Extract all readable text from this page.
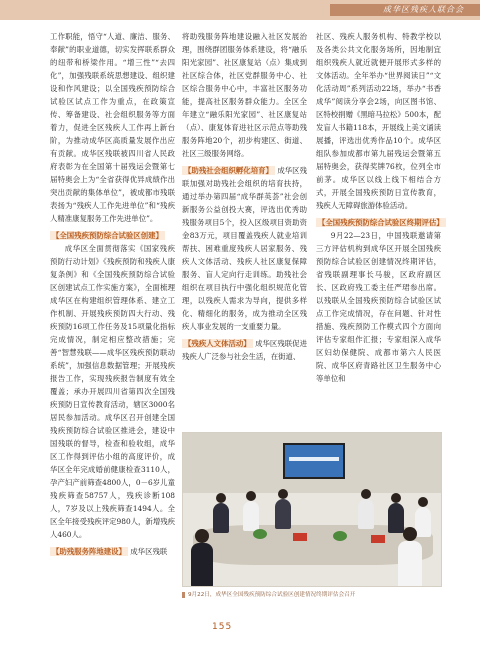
成华区残疾人联合会

工作职能，悟守“人道、廉洁、服务、奉献”的职业道德，切实发挥联系群众的纽带和桥梁作用。“增三性”“去四化”，加强残联系统思想建设、组织建设和作风建设；以全国残疾预防综合试验区试点工作为重点，在政策宣传、筹备建设、社会组织服务等方面着力，促进全区残疾人工作再上新台阶，为推动成华区高质量发展作出应有贡献。成华区残联被四川省人民政府表彰为在全国第十届残运会暨第七届特奥会上为“全省获得优异成绩作出突出贡献的集体单位”，被成都市残联表扬为“残疾人工作先进单位”和“残疾人精准康复服务工作先进单位”。

【全国残疾预防综合试验区创建】

成华区全面贯彻落实《国家残疾预防行动计划》《残疾预防和残疾人康复条例》和《全国残疾预防综合试验区创建试点工作实施方案》，全面梳理成华区在构建组织管理体系、建立工作机制、开展残疾预防四大行动、残疾预防16项工作任务及15项量化指标完成情况，制定相应整改措施；完善“智慧残联——成华区残疾预防联动系统”，加强信息数据管理；开展残疾报告工作，实现残疾报告制度有效全覆盖；承办开展四川省第四次全国残疾预防日宣传教育活动，辖区3000名居民参加活动。成华区召开创建全国残疾预防综合试验区推进会，建设中国残联的督导，检查和验收组，成华区工作得到评估小组的高度评价，成华区全年完成婚前健康检查3110人，孕产妇产前筛查4800人，0－6岁儿童残疾筛查58757人，残疾诊断108人，7岁及以上残疾筛查1494人。全区全年接受残疾评定980人，新增残疾人460人。

【助残服务阵地建设】 成华区残联

将助残服务阵地建设融入社区发展治理，围绕群团服务体系建设，将“融乐阳光家园”、社区康复站（点）集成到社区综合体，社区党群服务中心、社区综合服务中心中，丰富社区服务功能，提高社区服务群众能力。全区全年建立“融乐阳光家园”、社区康复站（点）、康复体育进社区示范点等助残服务阵地20个，初步构建区、街道、社区三级服务网络。

【助残社会组织孵化培育】 成华区残联加强对助残社会组织的培育扶持，通过举办第四届“成华群英荟”社会创新服务公益创投大赛，评选出优秀助残服务项目5个，投入区级项目资助资金83万元，项目覆盖残疾人就业培训帮扶、困难重度残疾人居家服务、残疾人文体活动、残疾人社区康复保障服务、盲人定向行走训练。助残社会组织在项目执行中强化组织规范化管理，以残疾人需求为导向，提供多样化、精细化的服务，成为推动全区残疾人事业发展的一支重要力量。
【残疾人文体活动】 成华区残联促进残疾人广泛参与社会生活，在街道、

社区、残疾人服务机构、特教学校以及各类公共文化服务场所，因地制宜组织残疾人就近就便开展形式多样的文体活动。全年举办“世界阅读日”“文化活动周”系列活动22场，举办“书香成华”阅读分享会2场，向区图书馆、区特校捐赠《黑暗马拉松》500本，配发盲人书籍118本，开展线上美文诵读展播，评选出优秀作品10个。成华区组队参加成都市第九届残运会暨第五届特奥会，获得奖牌76枚，位列全市前茅。成华区以线上线下相结合方式，开展全国残疾预防日宣传教育，残疾人无障碍旅游体验活动。

【全国残疾预防综合试验区终期评估】

9月22—23日，中国残联邀请第三方评估机构到成华区开展全国残疾预防综合试验区创建情况终期评估，省残联副理事长马骏，区政府副区长、区政府残工委主任严珺参出席。以残联从全国残疾预防综合试验区试点工作完成情况，存在问题、针对性措施、残疾预防工作模式四个方面向评估专家组作汇报；专家组深入成华区妇幼保健院、成都市第六人民医院、成华区府青路社区卫生服务中心等单位和

9月22日，成华区全国残疾预防综合试验区创建情况终期评估会召开
155
